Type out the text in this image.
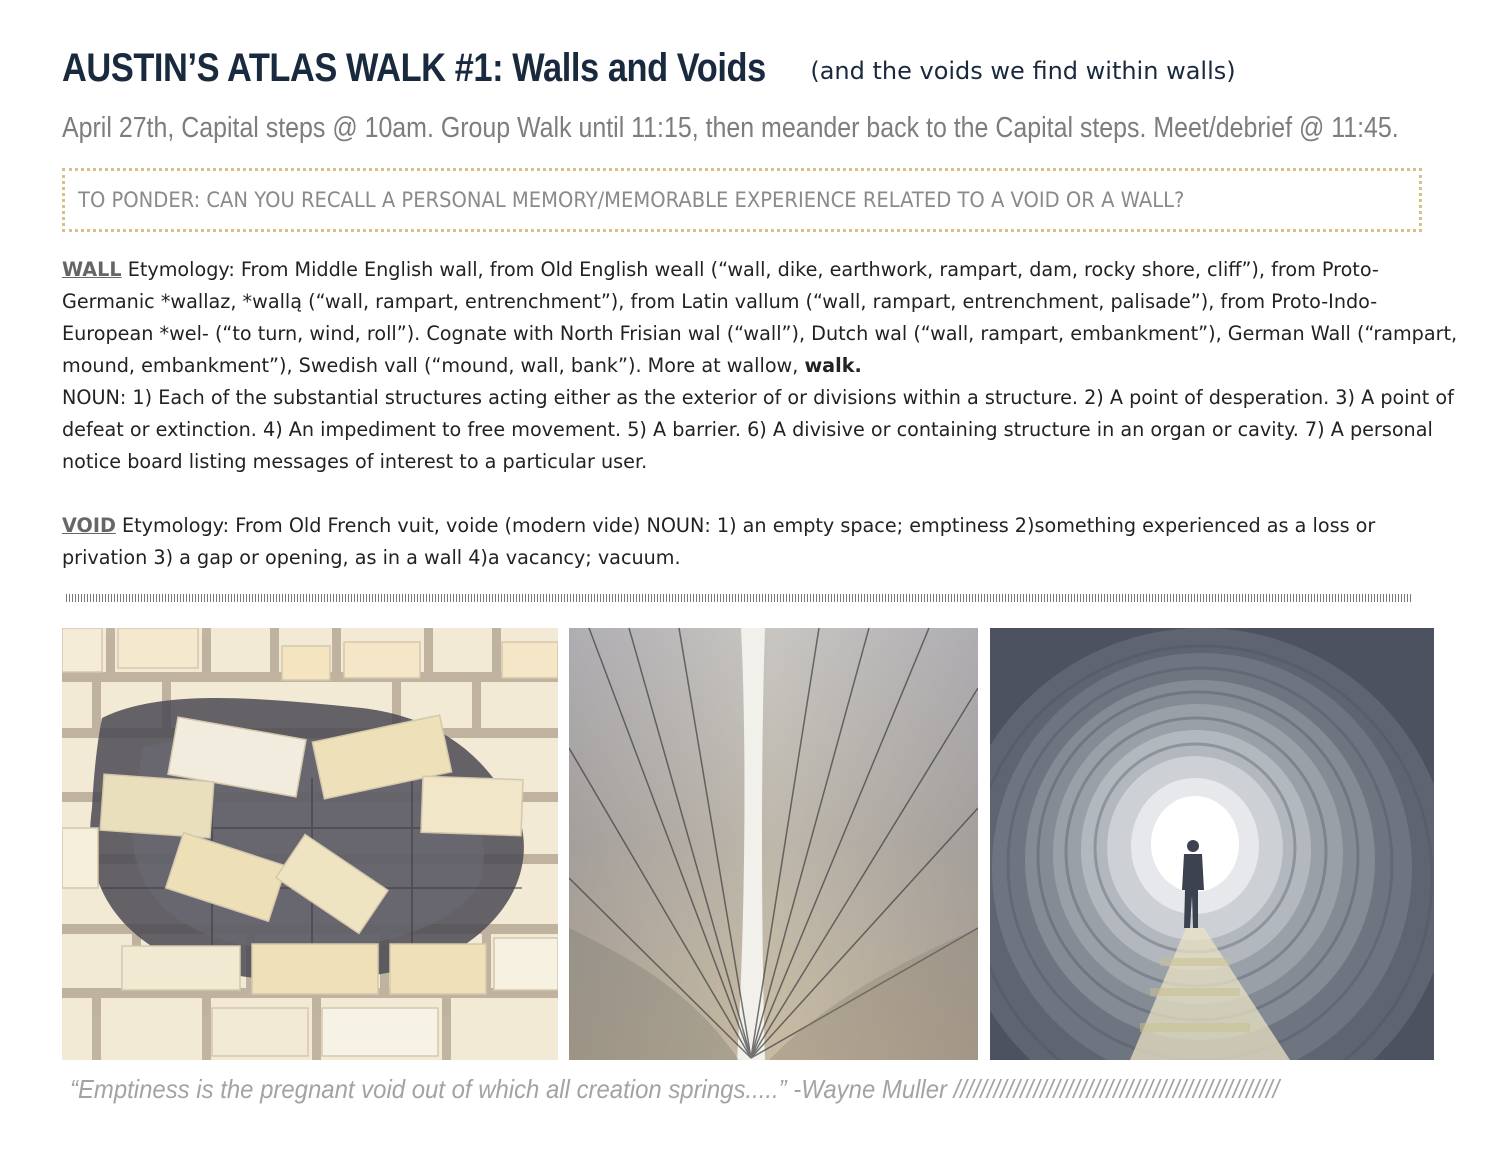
AUSTIN’S ATLAS WALK #1: Walls and Voids (and the voids we find within walls)
April 27th, Capital steps @ 10am. Group Walk until 11:15, then meander back to the Capital steps. Meet/debrief @ 11:45.
TO PONDER: CAN YOU RECALL A PERSONAL MEMORY/MEMORABLE EXPERIENCE RELATED TO A VOID OR A WALL?

WALL Etymology: From Middle English wall, from Old English weall (“wall, dike, earthwork, rampart, dam, rocky shore, cliff”), from Proto-Germanic *wallaz, *wallą (“wall, rampart, entrenchment”), from Latin vallum (“wall, rampart, entrenchment, palisade”), from Proto-Indo-European *wel- (“to turn, wind, roll”). Cognate with North Frisian wal (“wall”), Dutch wal (“wall, rampart, embankment”), German Wall (“rampart, mound, embankment”), Swedish vall (“mound, wall, bank”). More at wallow, walk.

NOUN: 1) Each of the substantial structures acting either as the exterior of or divisions within a structure. 2) A point of desperation. 3) A point of defeat or extinction. 4) An impediment to free movement. 5) A barrier. 6) A divisive or containing structure in an organ or cavity. 7) A personal notice board listing messages of interest to a particular user.

VOID Etymology: From Old French vuit, voide (modern vide) NOUN: 1) an empty space; emptiness 2)something experienced as a loss or privation 3) a gap or opening, as in a wall 4)a vacancy; vacuum.

“Emptiness is the pregnant void out of which all creation springs.....” -Wayne Muller /////////////////////////////////////////////////
